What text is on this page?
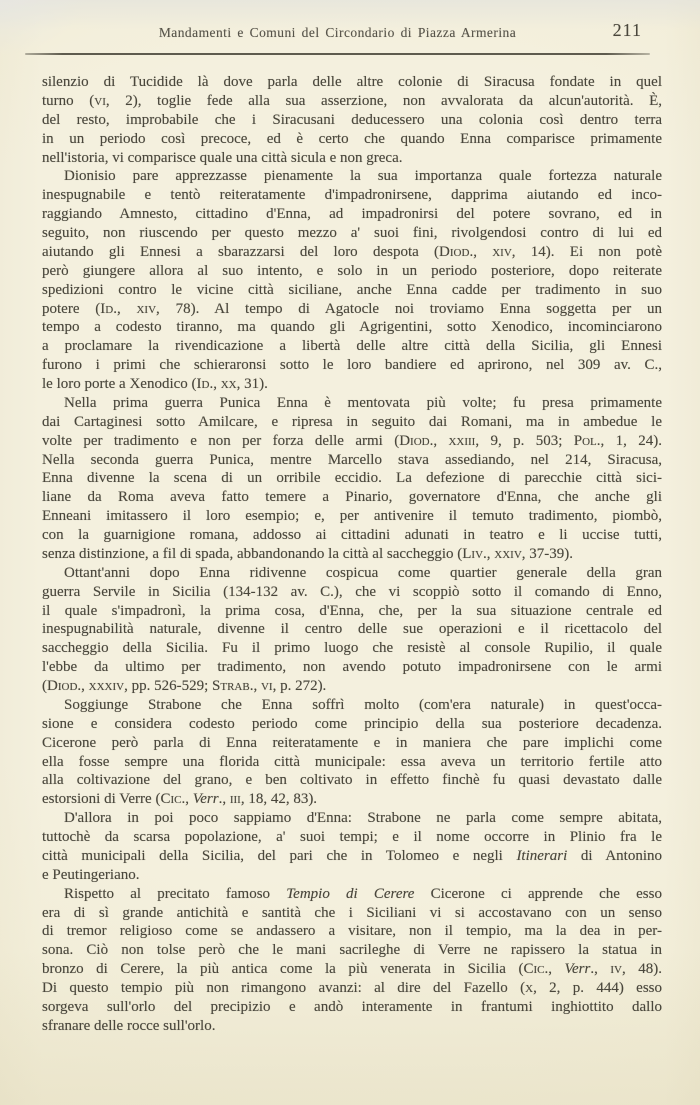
Mandamenti e Comuni del Circondario di Piazza Armerina	211
silenzio di Tucidide là dove parla delle altre colonie di Siracusa fondate in quel
turno (vi, 2), toglie fede alla sua asserzione, non avvalorata da alcun'autorità. È,
del resto, improbabile che i Siracusani deducessero una colonia così dentro terra
in un periodo così precoce, ed è certo che quando Enna comparisce primamente
nell'istoria, vi comparisce quale una città sicula e non greca.
Dionisio pare apprezzasse pienamente la sua importanza quale fortezza naturale
inespugnabile e tentò reiteratamente d'impadronirsene, dapprima aiutando ed inco-
raggiando Amnesto, cittadino d'Enna, ad impadronirsi del potere sovrano, ed in
seguito, non riuscendo per questo mezzo a' suoi fini, rivolgendosi contro di lui ed
aiutando gli Ennesi a sbarazzarsi del loro despota (Diod., xiv, 14). Ei non potè
però giungere allora al suo intento, e solo in un periodo posteriore, dopo reiterate
spedizioni contro le vicine città siciliane, anche Enna cadde per tradimento in suo
potere (Id., xiv, 78). Al tempo di Agatocle noi troviamo Enna soggetta per un
tempo a codesto tiranno, ma quando gli Agrigentini, sotto Xenodico, incominciarono
a proclamare la rivendicazione a libertà delle altre città della Sicilia, gli Ennesi
furono i primi che schieraronsi sotto le loro bandiere ed aprirono, nel 309 av. C.,
le loro porte a Xenodico (Id., xx, 31).
Nella prima guerra Punica Enna è mentovata più volte; fu presa primamente
dai Cartaginesi sotto Amilcare, e ripresa in seguito dai Romani, ma in ambedue le
volte per tradimento e non per forza delle armi (Diod., xxiii, 9, p. 503; Pol., 1, 24).
Nella seconda guerra Punica, mentre Marcello stava assediando, nel 214, Siracusa,
Enna divenne la scena di un orribile eccidio. La defezione di parecchie città sici-
liane da Roma aveva fatto temere a Pinario, governatore d'Enna, che anche gli
Enneani imitassero il loro esempio; e, per antivenire il temuto tradimento, piombò,
con la guarnigione romana, addosso ai cittadini adunati in teatro e li uccise tutti,
senza distinzione, a fil di spada, abbandonando la città al saccheggio (Liv., xxiv, 37-39).
Ottant'anni dopo Enna ridivenne cospicua come quartier generale della gran
guerra Servile in Sicilia (134-132 av. C.), che vi scoppiò sotto il comando di Enno,
il quale s'impadronì, la prima cosa, d'Enna, che, per la sua situazione centrale ed
inespugnabilità naturale, divenne il centro delle sue operazioni e il ricettacolo del
saccheggio della Sicilia. Fu il primo luogo che resistè al console Rupilio, il quale
l'ebbe da ultimo per tradimento, non avendo potuto impadronirsene con le armi
(Diod., xxxiv, pp. 526-529; Strab., vi, p. 272).
Soggiunge Strabone che Enna soffrì molto (com'era naturale) in quest'occa-
sione e considera codesto periodo come principio della sua posteriore decadenza.
Cicerone però parla di Enna reiteratamente e in maniera che pare implichi come
ella fosse sempre una florida città municipale: essa aveva un territorio fertile atto
alla coltivazione del grano, e ben coltivato in effetto finchè fu quasi devastato dalle
estorsioni di Verre (Cic., Verr., iii, 18, 42, 83).
D'allora in poi poco sappiamo d'Enna: Strabone ne parla come sempre abitata,
tuttochè da scarsa popolazione, a' suoi tempi; e il nome occorre in Plinio fra le
città municipali della Sicilia, del pari che in Tolomeo e negli Itinerari di Antonino
e Peutingeriano.
Rispetto al precitato famoso Tempio di Cerere Cicerone ci apprende che esso
era di sì grande antichità e santità che i Siciliani vi si accostavano con un senso
di tremor religioso come se andassero a visitare, non il tempio, ma la dea in per-
sona. Ciò non tolse però che le mani sacrileghe di Verre ne rapissero la statua in
bronzo di Cerere, la più antica come la più venerata in Sicilia (Cic., Verr., iv, 48).
Di questo tempio più non rimangono avanzi: al dire del Fazello (x, 2, p. 444) esso
sorgeva sull'orlo del precipizio e andò interamente in frantumi inghiottito dallo
sfranare delle rocce sull'orlo.
